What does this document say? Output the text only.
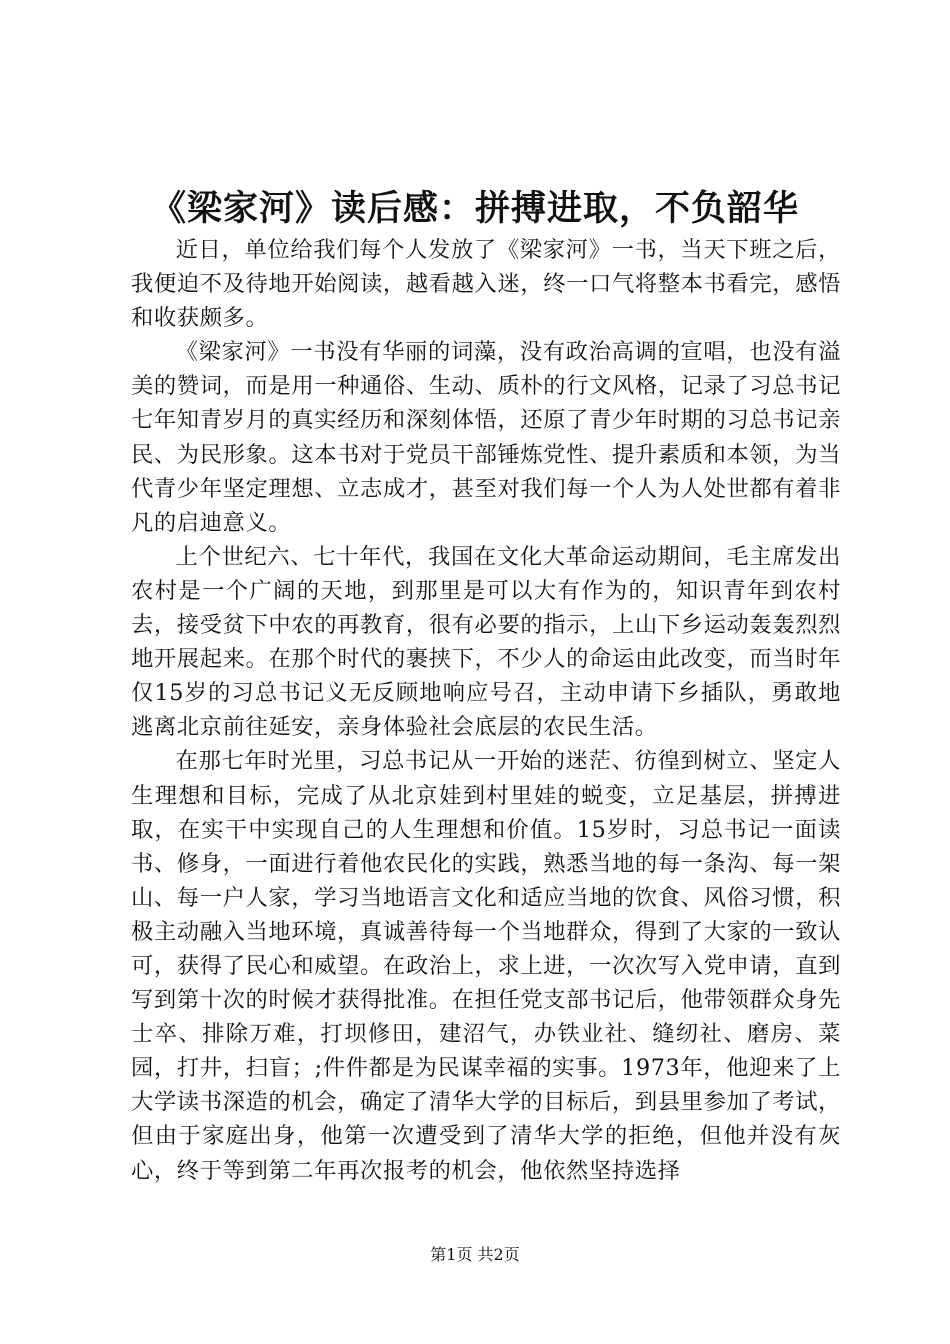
《梁家河》读后感：拼搏进取，不负韶华

近日，单位给我们每个人发放了《梁家河》一书，当天下班之后，我便迫不及待地开始阅读，越看越入迷，终一口气将整本书看完，感悟和收获颇多。

《梁家河》一书没有华丽的词藻，没有政治高调的宣唱，也没有溢美的赞词，而是用一种通俗、生动、质朴的行文风格，记录了习总书记七年知青岁月的真实经历和深刻体悟，还原了青少年时期的习总书记亲民、为民形象。这本书对于党员干部锤炼党性、提升素质和本领，为当代青少年坚定理想、立志成才，甚至对我们每一个人为人处世都有着非凡的启迪意义。

上个世纪六、七十年代，我国在文化大革命运动期间，毛主席发出农村是一个广阔的天地，到那里是可以大有作为的，知识青年到农村去，接受贫下中农的再教育，很有必要的指示，上山下乡运动轰轰烈烈地开展起来。在那个时代的裹挟下，不少人的命运由此改变，而当时年仅15岁的习总书记义无反顾地响应号召，主动申请下乡插队，勇敢地逃离北京前往延安，亲身体验社会底层的农民生活。

在那七年时光里，习总书记从一开始的迷茫、彷徨到树立、坚定人生理想和目标，完成了从北京娃到村里娃的蜕变，立足基层，拼搏进取，在实干中实现自己的人生理想和价值。15岁时，习总书记一面读书、修身，一面进行着他农民化的实践，熟悉当地的每一条沟、每一架山、每一户人家，学习当地语言文化和适应当地的饮食、风俗习惯，积极主动融入当地环境，真诚善待每一个当地群众，得到了大家的一致认可，获得了民心和威望。在政治上，求上进，一次次写入党申请，直到写到第十次的时候才获得批准。在担任党支部书记后，他带领群众身先士卒、排除万难，打坝修田，建沼气，办铁业社、缝纫社、磨房、菜园，打井，扫盲；;件件都是为民谋幸福的实事。1973年，他迎来了上大学读书深造的机会，确定了清华大学的目标后，到县里参加了考试，但由于家庭出身，他第一次遭受到了清华大学的拒绝，但他并没有灰心，终于等到第二年再次报考的机会，他依然坚持选择

第1页 共2页
